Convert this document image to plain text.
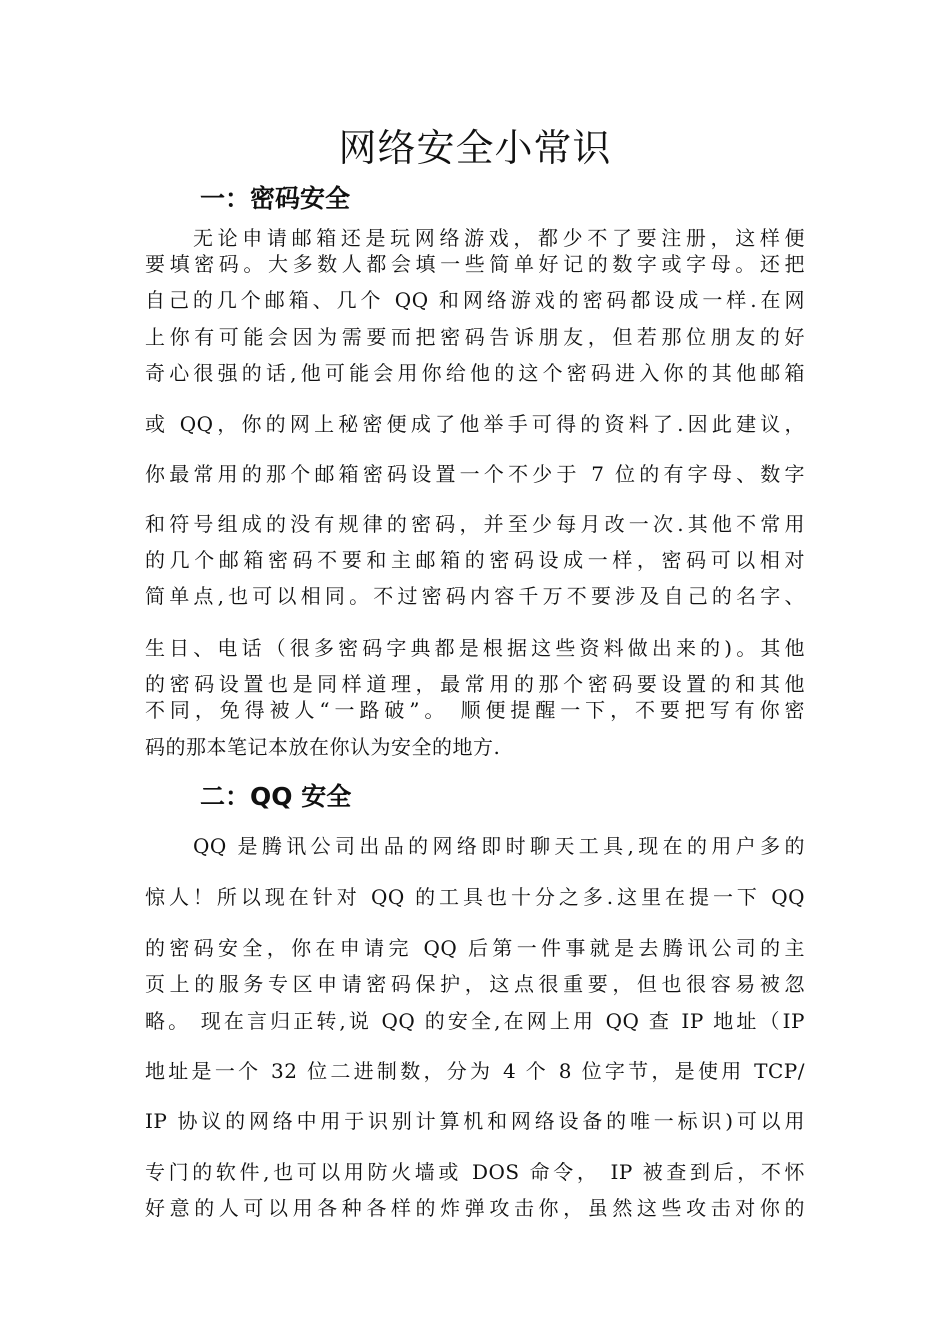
网络安全小常识
一：密码安全
无论申请邮箱还是玩网络游戏，都少不了要注册，这样便
要填密码。大多数人都会填一些简单好记的数字或字母。还把
自己的几个邮箱、几个 QQ 和网络游戏的密码都设成一样.在网
上你有可能会因为需要而把密码告诉朋友，但若那位朋友的好
奇心很强的话,他可能会用你给他的这个密码进入你的其他邮箱
或 QQ，你的网上秘密便成了他举手可得的资料了.因此建议，
你最常用的那个邮箱密码设置一个不少于 7 位的有字母、数字
和符号组成的没有规律的密码，并至少每月改一次.其他不常用
的几个邮箱密码不要和主邮箱的密码设成一样，密码可以相对
简单点,也可以相同。不过密码内容千万不要涉及自己的名字、
生日、电话（很多密码字典都是根据这些资料做出来的)。其他
的密码设置也是同样道理，最常用的那个密码要设置的和其他
不同，免得被人“一路破”。 顺便提醒一下，不要把写有你密
码的那本笔记本放在你认为安全的地方.
二：QQ 安全
QQ 是腾讯公司出品的网络即时聊天工具,现在的用户多的
惊人！所以现在针对 QQ 的工具也十分之多.这里在提一下 QQ
的密码安全，你在申请完 QQ 后第一件事就是去腾讯公司的主
页上的服务专区申请密码保护，这点很重要，但也很容易被忽
略。 现在言归正转,说 QQ 的安全,在网上用 QQ 查 IP 地址（IP
地址是一个 32 位二进制数，分为 4 个 8 位字节，是使用 TCP/
IP 协议的网络中用于识别计算机和网络设备的唯一标识)可以用
专门的软件,也可以用防火墙或 DOS 命令， IP 被查到后，不怀
好意的人可以用各种各样的炸弹攻击你，虽然这些攻击对你的
